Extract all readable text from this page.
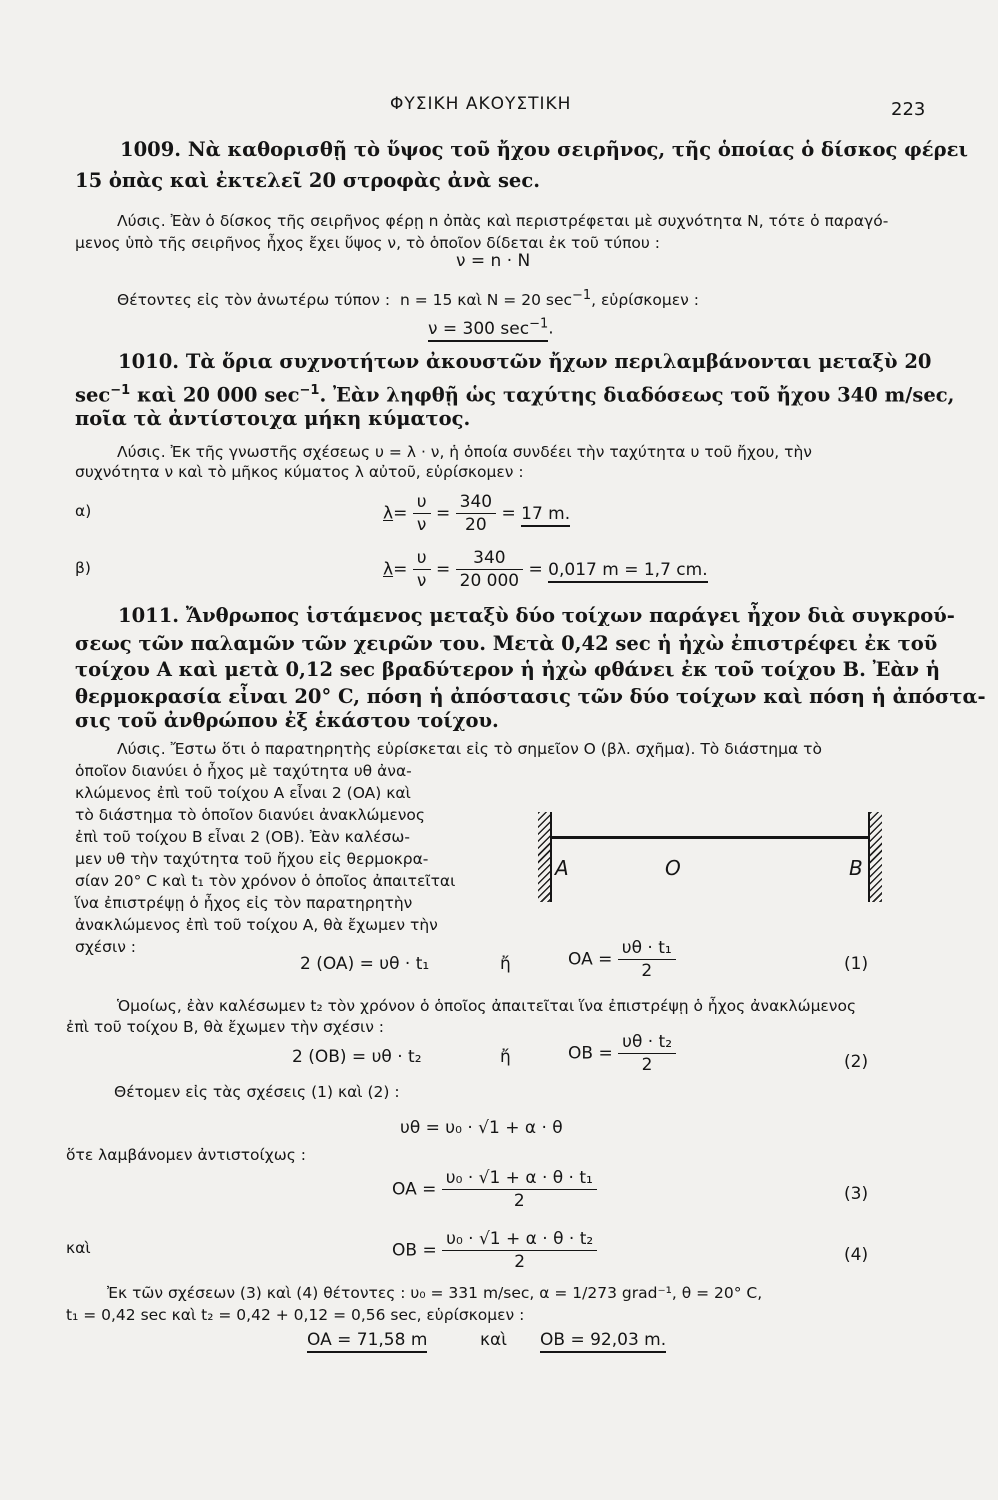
ΦΥΣΙΚΗ ΑΚΟΥΣΤΙΚΗ	223
1009. Νὰ καθορισθῇ τὸ ὕψος τοῦ ἤχου σειρῆνος, τῆς ὁποίας ὁ δίσκος φέρει
15 ὀπὰς καὶ ἐκτελεῖ 20 στροφὰς ἀνὰ sec.
Λύσις. Ἐὰν ὁ δίσκος τῆς σειρῆνος φέρῃ n ὀπὰς καὶ περιστρέφεται μὲ συχνότητα N, τότε ὁ παραγό-
μενος ὑπὸ τῆς σειρῆνος ἦχος ἔχει ὕψος ν, τὸ ὁποῖον δίδεται ἐκ τοῦ τύπου :
ν = n · N
Θέτοντες εἰς τὸν ἀνωτέρω τύπον : n = 15 καὶ N = 20 $\sec^{-1}$, εὑρίσκομεν :
ν = 300 $\sec^{-1}$.
1010. Τὰ ὅρια συχνοτήτων ἀκουστῶν ἤχων περιλαμβάνονται μεταξὺ 20
$\sec^{-1}$ καὶ 20 000 $\sec^{-1}$. Ἐὰν ληφθῇ ὡς ταχύτης διαδόσεως τοῦ ἤχου 340 m/sec,
ποῖα τὰ ἀντίστοιχα μήκη κύματος.
Λύσις. Ἐκ τῆς γνωστῆς σχέσεως υ = λ · ν, ἡ ὁποία συνδέει τὴν ταχύτητα υ τοῦ ἤχου, τὴν
συχνότητα ν καὶ τὸ μῆκος κύματος λ αὐτοῦ, εὑρίσκομεν :
α)	$\lambda= \frac{\upsilon}{\nu} = \frac{340}{20} = 17$ m.
β)	$\lambda= \frac{\upsilon}{\nu} = \frac{340}{20 000} = 0,017$ m = 1,7 cm.
1011. Ἄνθρωπος ἱστάμενος μεταξὺ δύο τοίχων παράγει ἦχον διὰ συγκρού-
σεως τῶν παλαμῶν τῶν χειρῶν του. Μετὰ 0,42 sec ἡ ἠχὼ ἐπιστρέφει ἐκ τοῦ
τοίχου A καὶ μετὰ 0,12 sec βραδύτερον ἡ ἠχὼ φθάνει ἐκ τοῦ τοίχου B. Ἐὰν ἡ
θερμοκρασία εἶναι 20° C, πόση ἡ ἀπόστασις τῶν δύο τοίχων καὶ πόση ἡ ἀπόστα-
σις τοῦ ἀνθρώπου ἐξ ἑκάστου τοίχου.
Λύσις. Ἔστω ὅτι ὁ παρατηρητὴς εὑρίσκεται εἰς τὸ σημεῖον O (βλ. σχῆμα). Τὸ διάστημα τὸ
ὁποῖον διανύει ὁ ἦχος μὲ ταχύτητα υθ ἀνα-
κλώμενος ἐπὶ τοῦ τοίχου A εἶναι 2 (OA) καὶ
τὸ διάστημα τὸ ὁποῖον διανύει ἀνακλώμενος
ἐπὶ τοῦ τοίχου B εἶναι 2 (OB). Ἐὰν καλέσω-
μεν υθ τὴν ταχύτητα τοῦ ἤχου εἰς θερμοκρα-
σίαν 20° C καὶ t₁ τὸν χρόνον ὁ ὁποῖος ἀπαιτεῖται
ἵνα ἐπιστρέψῃ ὁ ἦχος εἰς τὸν παρατηρητὴν
ἀνακλώμενος ἐπὶ τοῦ τοίχου A, θὰ ἔχωμεν τὴν
σχέσιν :
A	O	B
2 (OA) = υθ · t₁	ἤ	OA = $\frac{\text{υθ · t₁}}{2}$	(1)
Ὁμοίως, ἐὰν καλέσωμεν t₂ τὸν χρόνον ὁ ὁποῖος ἀπαιτεῖται ἵνα ἐπιστρέψῃ ὁ ἦχος ἀνακλώμενος
ἐπὶ τοῦ τοίχου B, θὰ ἔχωμεν τὴν σχέσιν :
2 (OB) = υθ · t₂	ἤ	OB = $\frac{\text{υθ · t₂}}{2}$	(2)
Θέτομεν εἰς τὰς σχέσεις (1) καὶ (2) :
υθ = υ₀ · √1 + α · θ
ὅτε λαμβάνομεν ἀντιστοίχως :
OA = $\frac{\text{υ₀ · √1 + α · θ · t₁}}{2}$	(3)
καὶ	OB = $\frac{\text{υ₀ · √1 + α · θ · t₂}}{2}$	(4)
Ἐκ τῶν σχέσεων (3) καὶ (4) θέτοντες : υ₀ = 331 m/sec, α = 1/273 grad⁻¹, θ = 20° C,
t₁ = 0,42 sec καὶ t₂ = 0,42 + 0,12 = 0,56 sec, εὑρίσκομεν :
OA = 71,58 m	καὶ OB = 92,03 m.
